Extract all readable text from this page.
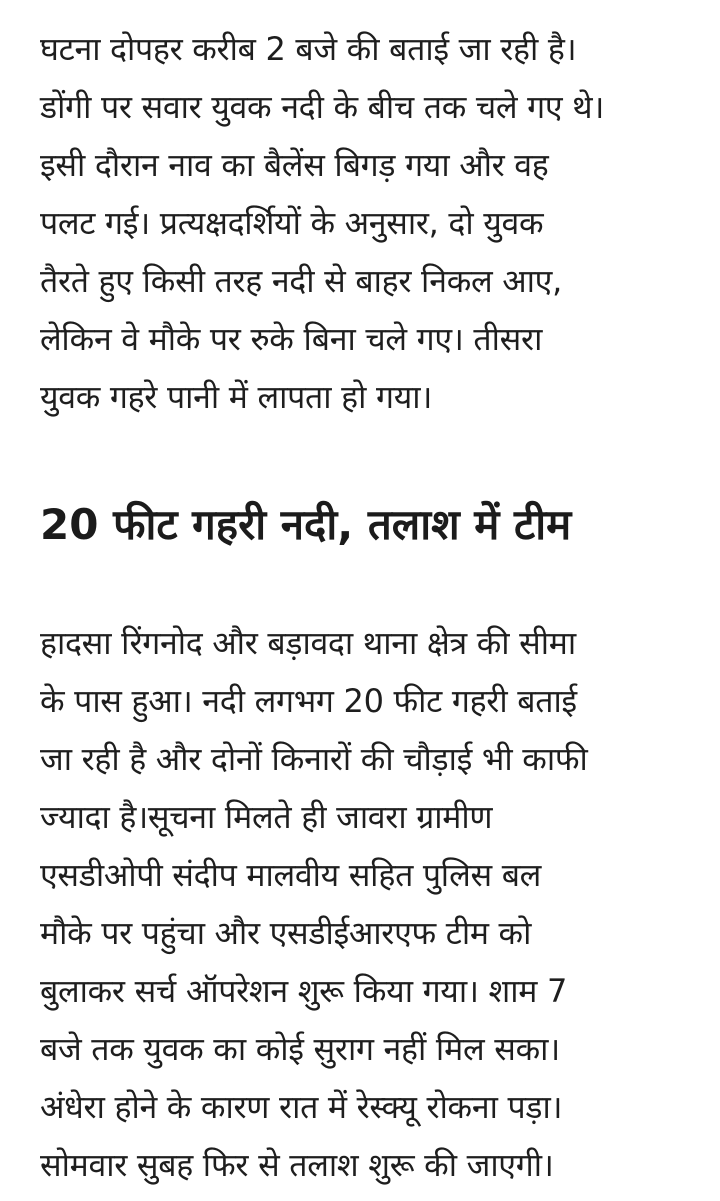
घटना दोपहर करीब 2 बजे की बताई जा रही है।
डोंगी पर सवार युवक नदी के बीच तक चले गए थे।
इसी दौरान नाव का बैलेंस बिगड़ गया और वह
पलट गई। प्रत्यक्षदर्शियों के अनुसार, दो युवक
तैरते हुए किसी तरह नदी से बाहर निकल आए,
लेकिन वे मौके पर रुके बिना चले गए। तीसरा
युवक गहरे पानी में लापता हो गया।

20 फीट गहरी नदी, तलाश में टीम

हादसा रिंगनोद और बड़ावदा थाना क्षेत्र की सीमा
के पास हुआ। नदी लगभग 20 फीट गहरी बताई
जा रही है और दोनों किनारों की चौड़ाई भी काफी
ज्यादा है।सूचना मिलते ही जावरा ग्रामीण
एसडीओपी संदीप मालवीय सहित पुलिस बल
मौके पर पहुंचा और एसडीईआरएफ टीम को
बुलाकर सर्च ऑपरेशन शुरू किया गया। शाम 7
बजे तक युवक का कोई सुराग नहीं मिल सका।
अंधेरा होने के कारण रात में रेस्क्यू रोकना पड़ा।
सोमवार सुबह फिर से तलाश शुरू की जाएगी।
